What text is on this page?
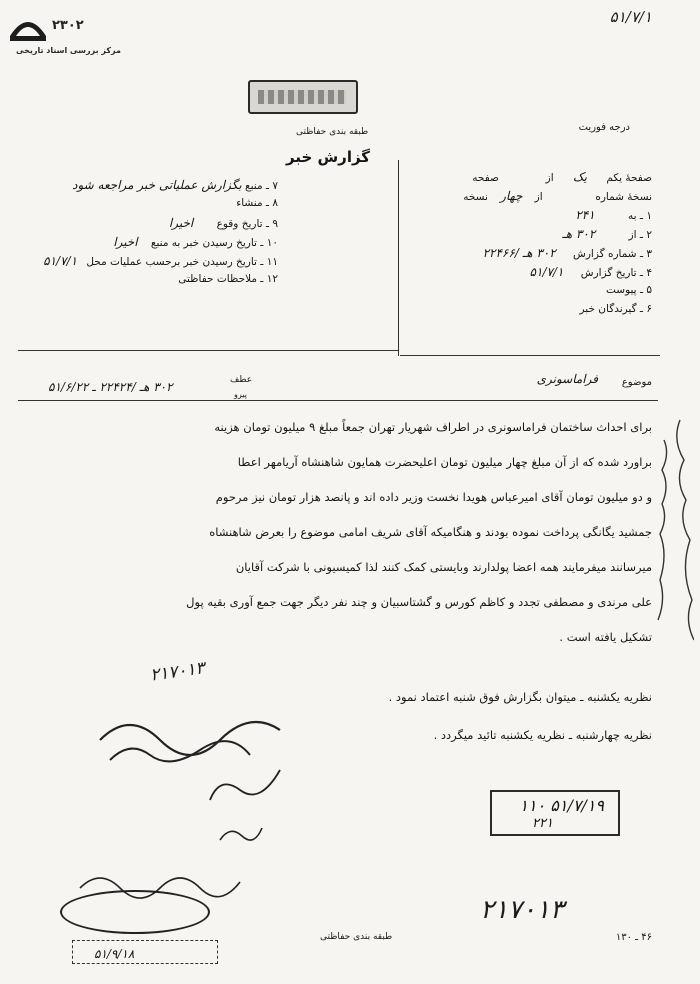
۲۳۰۲
مرکز بررسی اسناد تاریخی
۵۱/۷/۱
طبقه بندی حفاظتی
گزارش خبر
درجه فوریت
صفحهٔ یکم یک از  صفحه
نسخهٔ شماره  از چهار نسخه
۱ ـ به ۲۴۱
۲ ـ از ۳۰۲ هـ
۳ ـ شماره گزارش ۳۰۲ هـ /۲۲۴۶۶
۴ ـ تاریخ گزارش ۵۱/۷/۱
۵ ـ پیوست
۶ ـ گیرندگان خبر
۷ ـ منبع بگزارش عملیاتی خبر مراجعه شود
۸ ـ منشاء
۹ ـ تاریخ وقوع اخیرا
۱۰ ـ تاریخ رسیدن خبر به منبع اخیرا
۱۱ ـ تاریخ رسیدن خبر برحسب عملیات محل ۵۱/۷/۱
۱۲ ـ ملاحظات حفاظتی
موضوع
فراماسونری
عطف
۳۰۲ هـ /۲۲۴۲۴ ـ ۵۱/۶/۲۲
پیرو
برای احداث ساختمان فراماسونری در اطراف شهریار تهران جمعاً مبلغ ۹ میلیون تومان هزینه
براورد شده که از آن مبلغ چهار میلیون تومان اعلیحضرت همایون شاهنشاه آریامهر اعطا
و دو میلیون تومان آقای امیرعباس هویدا نخست وزیر داده اند و پانصد هزار تومان نیز مرحوم
جمشید یگانگی پرداخت نموده بودند و هنگامیکه آقای شریف امامی موضوع را بعرض شاهنشاه
میرسانند میفرمایند همه اعضا پولدارند وبایستی کمک کنند لذا کمیسیونی با شرکت آقایان
علی مرندی و مصطفی تجدد و کاظم کورس و گشتاسبیان و چند نفر دیگر جهت جمع آوری بقیه پول
تشکیل یافته است .
۲۱۷۰۱۳
نظریه یکشنبه ـ میتوان بگزارش فوق شنبه اعتماد نمود .
نظریه چهارشنبه ـ نظریه یکشنبه تائید میگردد .
۵۱/۷/۱۹ ۱۱۰
۲۲۱
۵۱/۹/۱۸
۲۱۷۰۱۳
طبقه بندی حفاظتی	۴۶ ـ ۱۳۰
